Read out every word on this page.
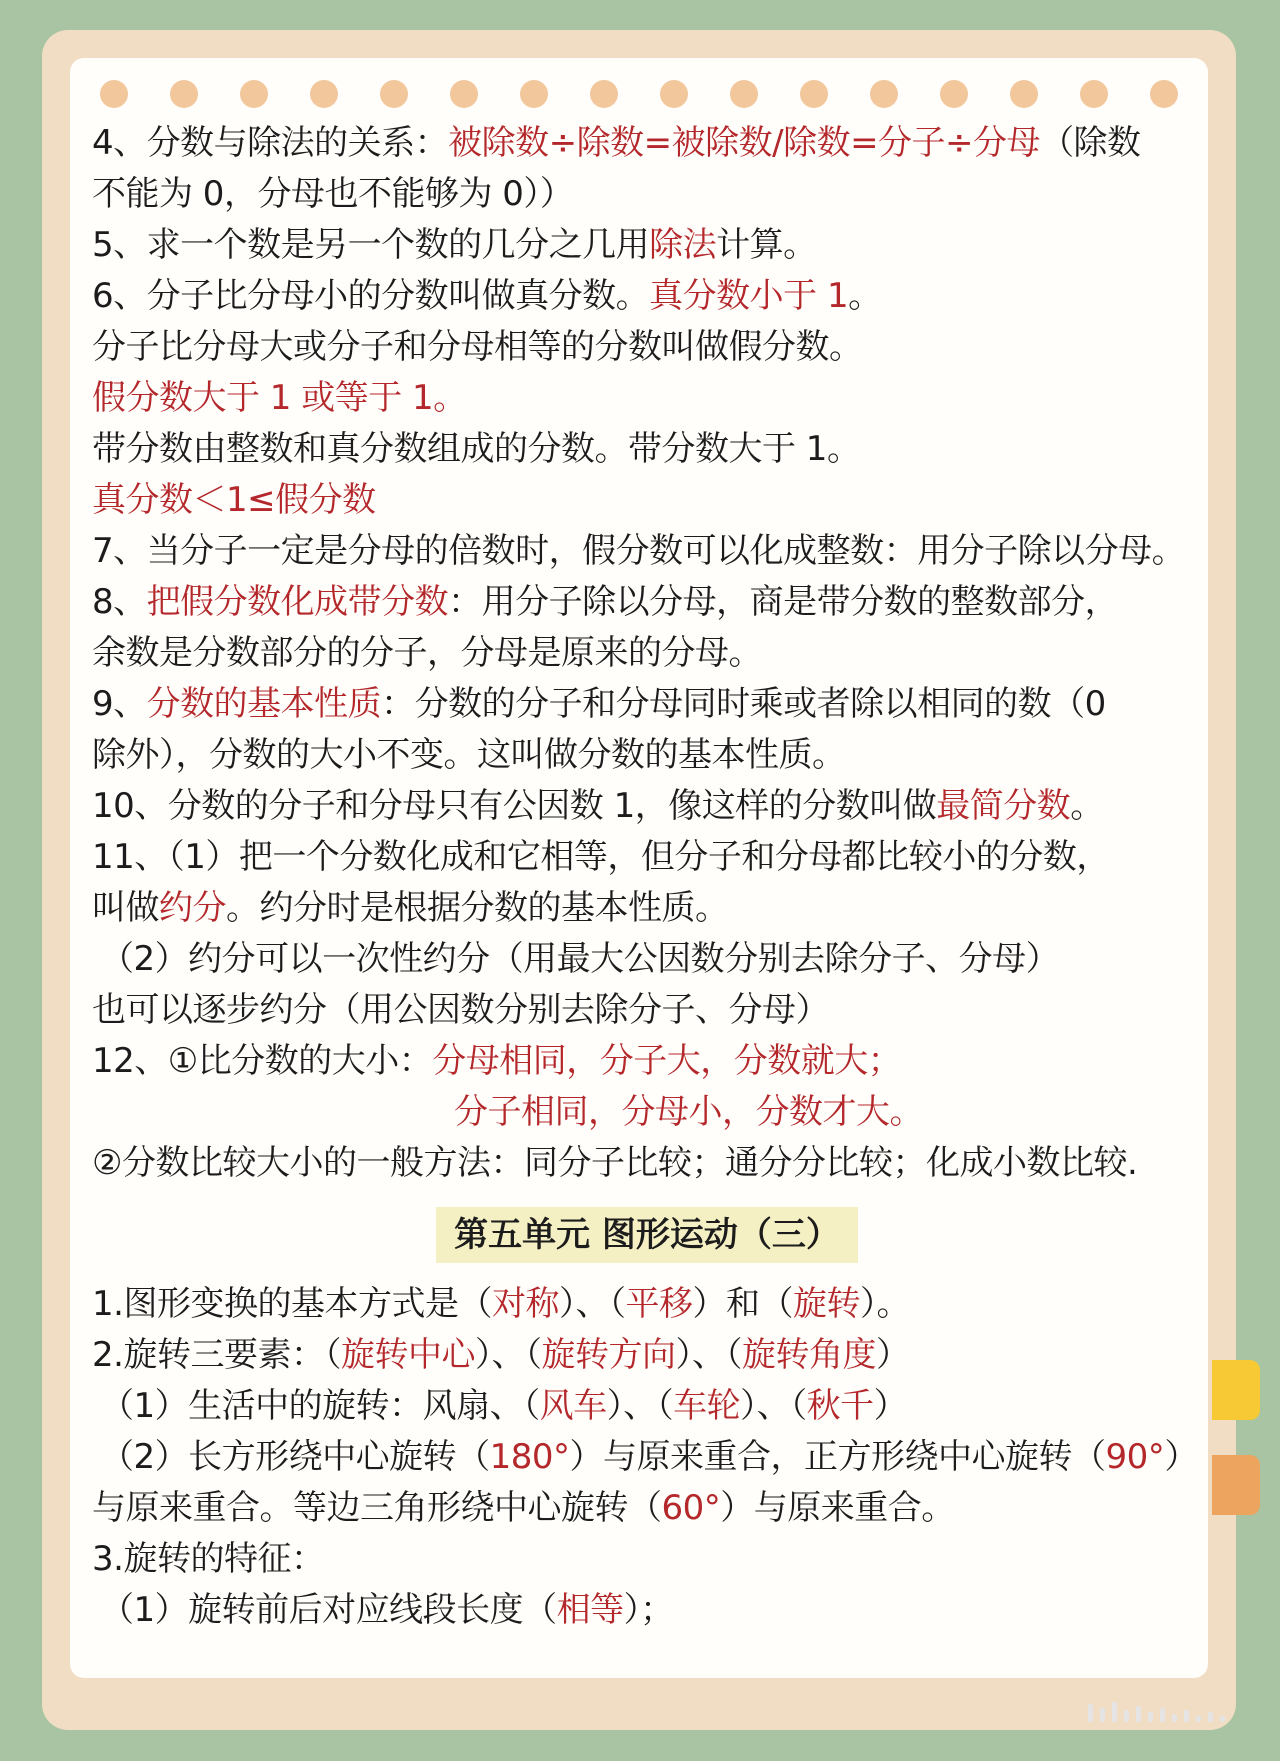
4、分数与除法的关系：被除数÷除数=被除数/除数=分子÷分母（除数
不能为 0，分母也不能够为 0））
5、求一个数是另一个数的几分之几用除法计算。
6、分子比分母小的分数叫做真分数。真分数小于 1。
分子比分母大或分子和分母相等的分数叫做假分数。
假分数大于 1 或等于 1。
带分数由整数和真分数组成的分数。带分数大于 1。
真分数＜1≤假分数
7、当分子一定是分母的倍数时，假分数可以化成整数：用分子除以分母。
8、把假分数化成带分数：用分子除以分母，商是带分数的整数部分，
余数是分数部分的分子，分母是原来的分母。
9、分数的基本性质：分数的分子和分母同时乘或者除以相同的数（0
除外），分数的大小不变。这叫做分数的基本性质。
10、分数的分子和分母只有公因数 1，像这样的分数叫做最简分数。
11、（1）把一个分数化成和它相等，但分子和分母都比较小的分数，
叫做约分。约分时是根据分数的基本性质。
（2）约分可以一次性约分（用最大公因数分别去除分子、分母）
也可以逐步约分（用公因数分别去除分子、分母）
12、①比分数的大小：分母相同，分子大，分数就大；
分子相同，分母小，分数才大。
②分数比较大小的一般方法：同分子比较；通分分比较；化成小数比较.
第五单元 图形运动（三）
1.图形变换的基本方式是（对称）、（平移）和（旋转）。
2.旋转三要素：（旋转中心）、（旋转方向）、（旋转角度）
（1）生活中的旋转：风扇、（风车）、（车轮）、（秋千）
（2）长方形绕中心旋转（180°）与原来重合，正方形绕中心旋转（90°）
与原来重合。等边三角形绕中心旋转（60°）与原来重合。
3.旋转的特征：
（1）旋转前后对应线段长度（相等）；
